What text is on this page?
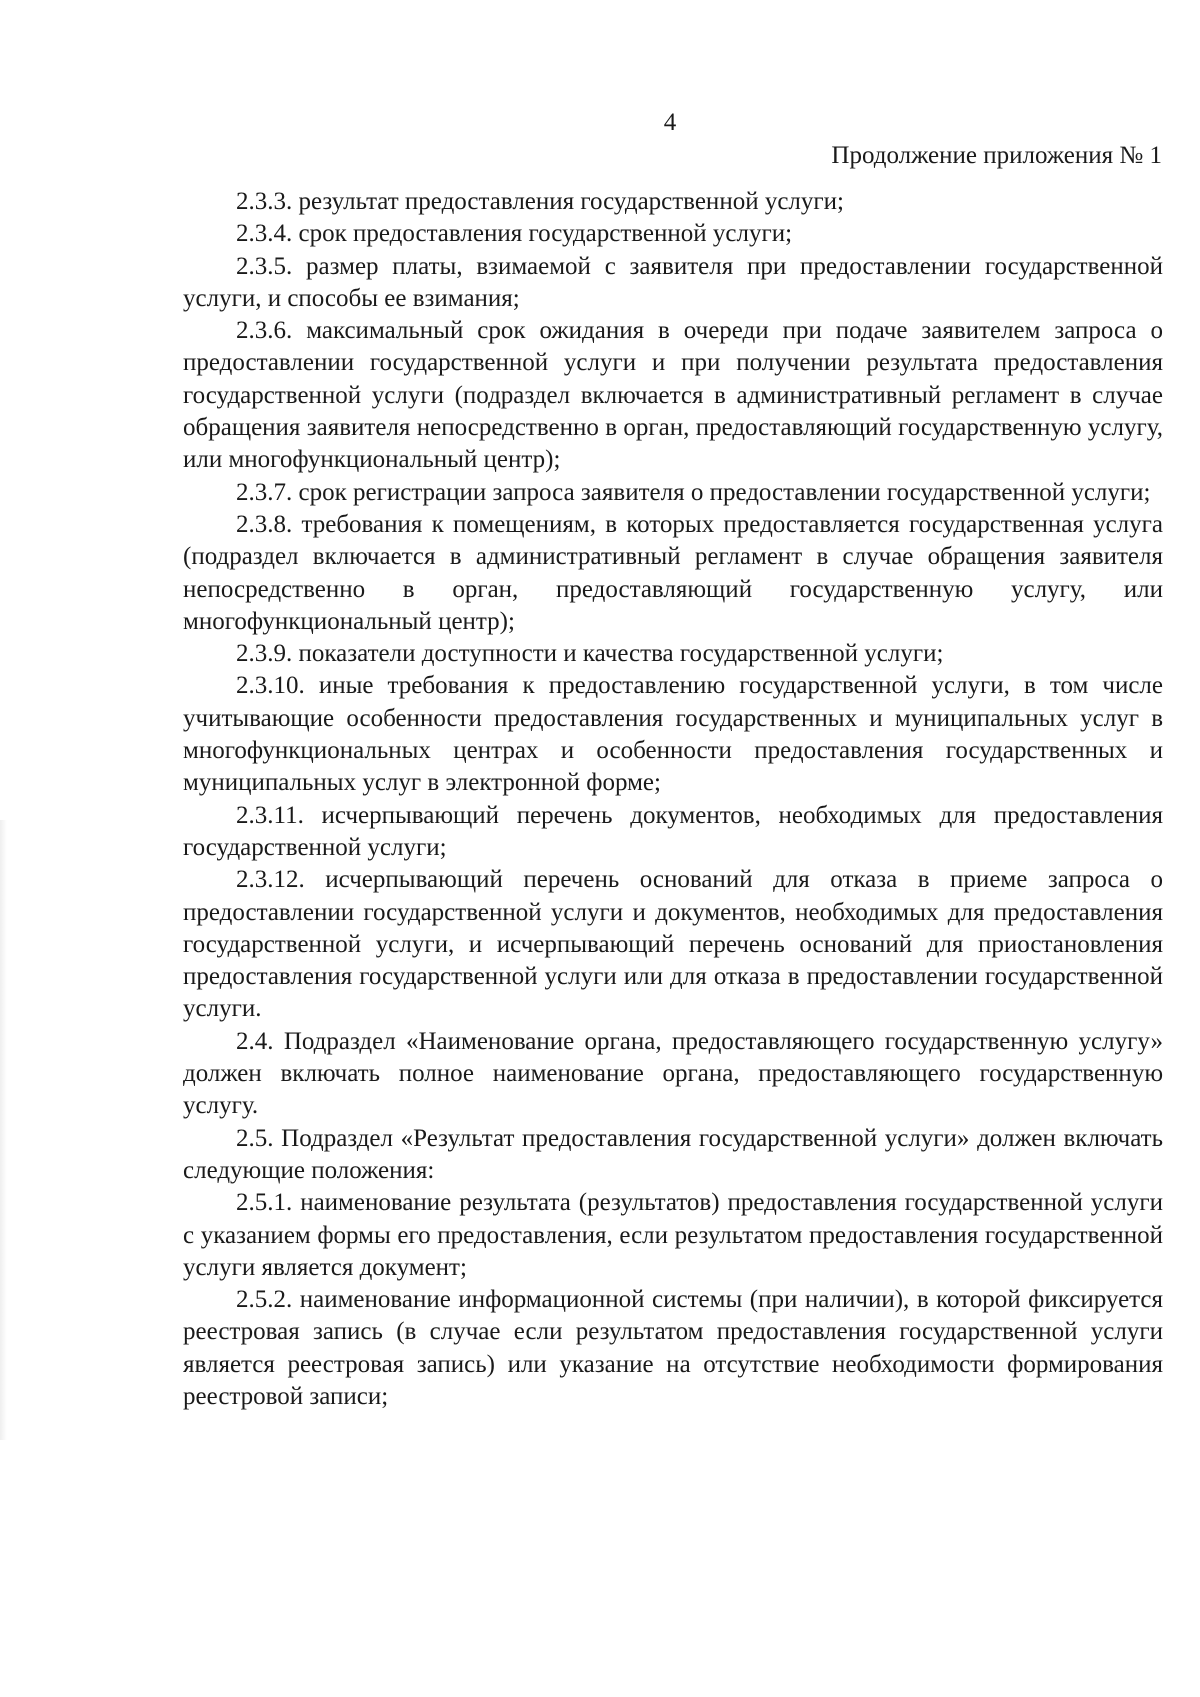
4
Продолжение приложения № 1

2.3.3. результат предоставления государственной услуги;

2.3.4. срок предоставления государственной услуги;

2.3.5. размер платы, взимаемой с заявителя при предоставлении государственной услуги, и способы ее взимания;

2.3.6. максимальный срок ожидания в очереди при подаче заявителем запроса о предоставлении государственной услуги и при получении результата предоставления государственной услуги (подраздел включается в административный регламент в случае обращения заявителя непосредственно в орган, предоставляющий государственную услугу, или многофункциональный центр);

2.3.7. срок регистрации запроса заявителя о предоставлении государственной услуги;

2.3.8. требования к помещениям, в которых предоставляется государственная услуга (подраздел включается в административный регламент в случае обращения заявителя непосредственно в орган, предоставляющий государственную услугу, или многофункциональный центр);

2.3.9. показатели доступности и качества государственной услуги;

2.3.10. иные требования к предоставлению государственной услуги, в том числе учитывающие особенности предоставления государственных и муниципальных услуг в многофункциональных центрах и особенности предоставления государственных и муниципальных услуг в электронной форме;

2.3.11. исчерпывающий перечень документов, необходимых для предоставления государственной услуги;

2.3.12. исчерпывающий перечень оснований для отказа в приеме запроса о предоставлении государственной услуги и документов, необходимых для предоставления государственной услуги, и исчерпывающий перечень оснований для приостановления предоставления государственной услуги или для отказа в предоставлении государственной услуги.

2.4. Подраздел «Наименование органа, предоставляющего государственную услугу» должен включать полное наименование органа, предоставляющего государственную услугу.

2.5. Подраздел «Результат предоставления государственной услуги» должен включать следующие положения:

2.5.1. наименование результата (результатов) предоставления государственной услуги с указанием формы его предоставления, если результатом предоставления государственной услуги является документ;

2.5.2. наименование информационной системы (при наличии), в которой фиксируется реестровая запись (в случае если результатом предоставления государственной услуги является реестровая запись) или указание на отсутствие необходимости формирования реестровой записи;
